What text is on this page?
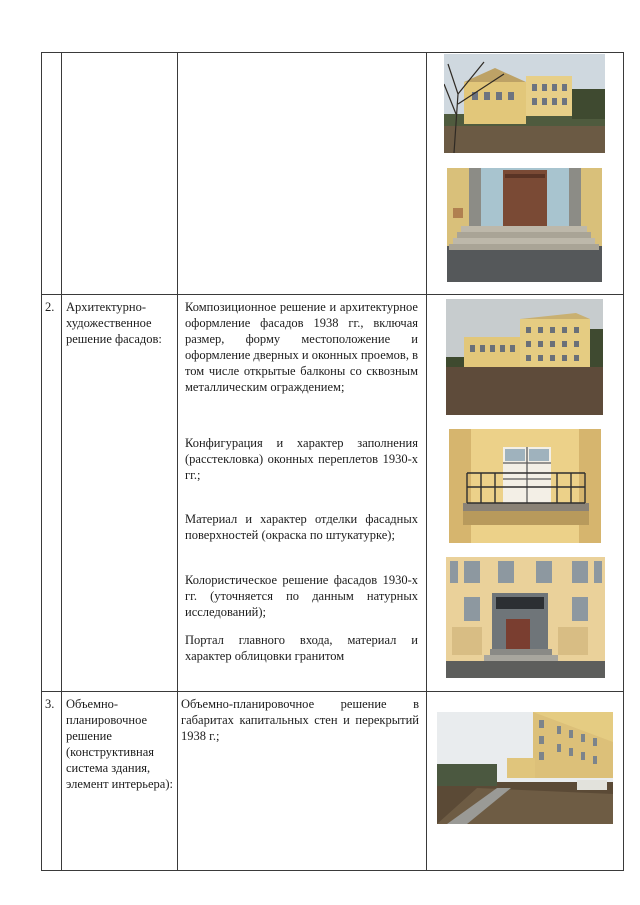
2. Архитектурно-художественное решение фасадов:
Композиционное решение и архитектурное оформление фасадов 1938 гг., включая размер, форму местоположение и оформление дверных и оконных проемов, в том числе открытые балконы со сквозным металлическим ограждением;
Конфигурация и характер заполнения (расстекловка) оконных переплетов 1930-х гг.;
Материал и характер отделки фасадных поверхностей (окраска по штукатурке);
Колористическое решение фасадов 1930-х гг. (уточняется по данным натурных исследований);
Портал главного входа, материал и характер облицовки гранитом
3. Объемно-планировочное решение (конструктивная система здания, элемент интерьера):
Объемно-планировочное решение в габаритах капитальных стен и перекрытий 1938 г.;
